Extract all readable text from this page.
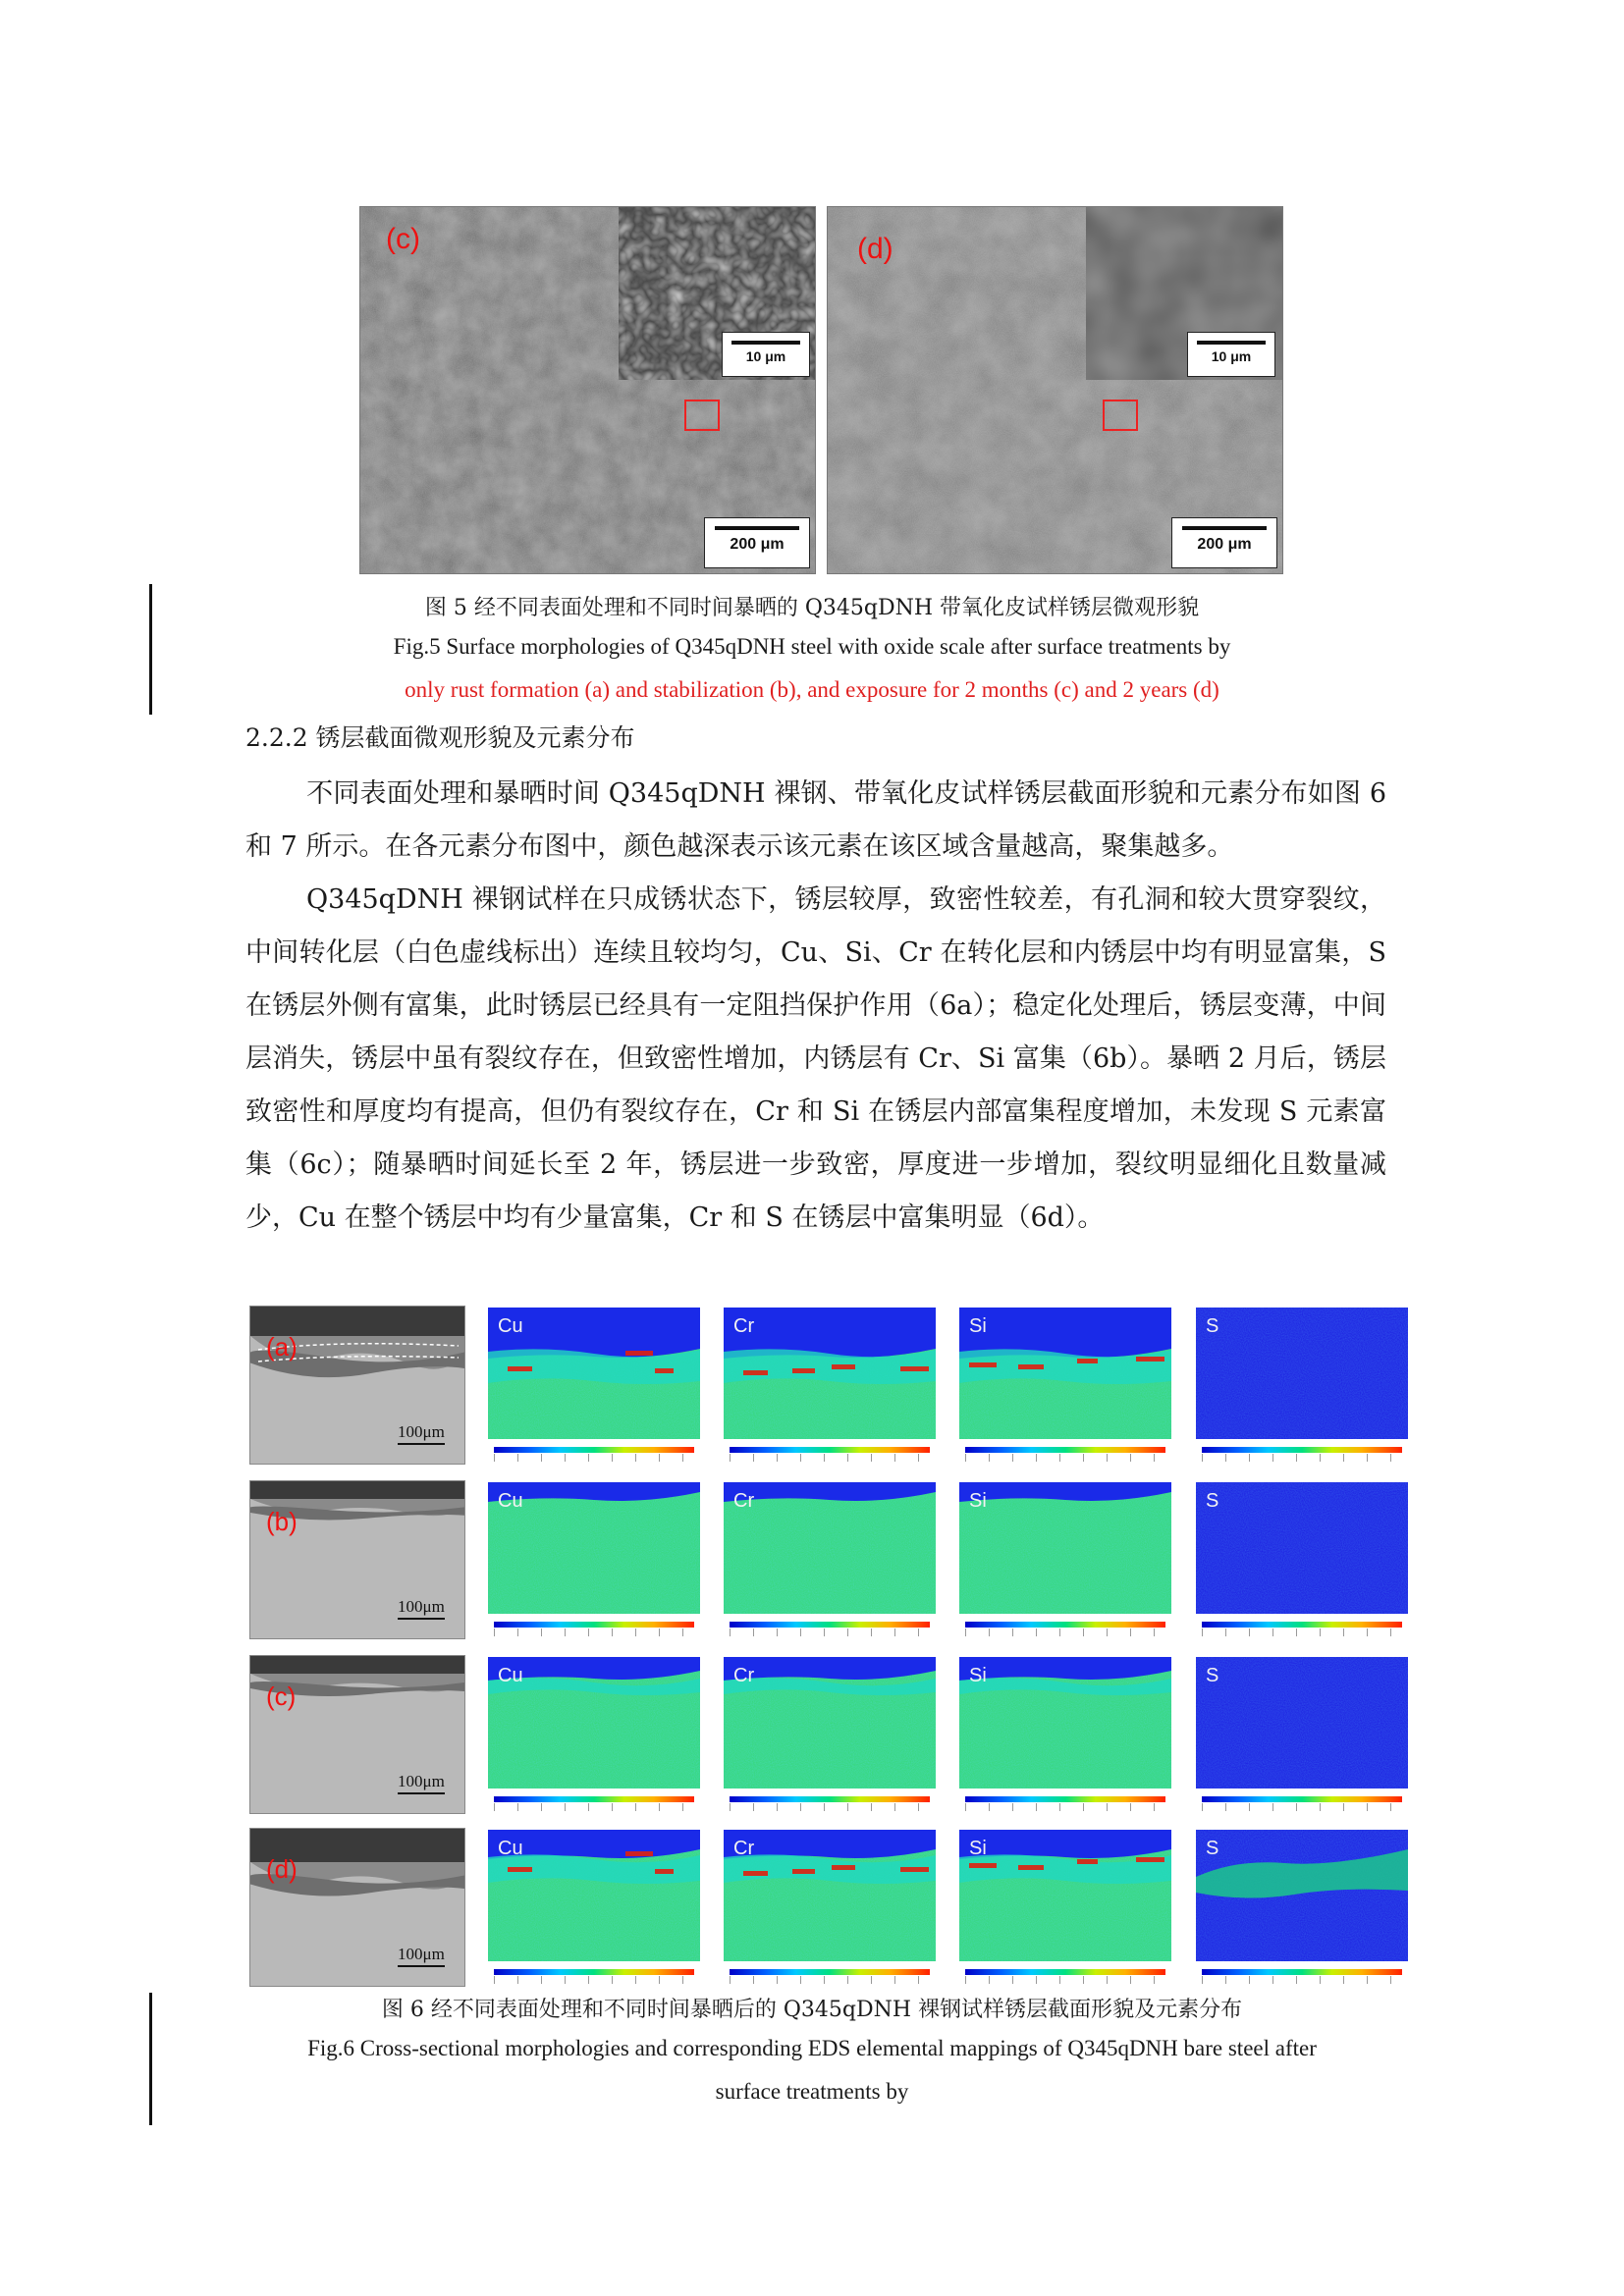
(c)
10 μm
200 μm
(d)
10 μm
200 μm
图 5 经不同表面处理和不同时间暴晒的 Q345qDNH 带氧化皮试样锈层微观形貌
Fig.5 Surface morphologies of Q345qDNH steel with oxide scale after surface treatments by
only rust formation (a) and stabilization (b), and exposure for 2 months (c) and 2 years (d)
2.2.2 锈层截面微观形貌及元素分布
不同表面处理和暴晒时间 Q345qDNH 裸钢、带氧化皮试样锈层截面形貌和元素分布如图 6 和 7 所示。在各元素分布图中，颜色越深表示该元素在该区域含量越高，聚集越多。
Q345qDNH 裸钢试样在只成锈状态下，锈层较厚，致密性较差，有孔洞和较大贯穿裂纹，中间转化层（白色虚线标出）连续且较均匀，Cu、Si、Cr 在转化层和内锈层中均有明显富集，S 在锈层外侧有富集，此时锈层已经具有一定阻挡保护作用（6a）；稳定化处理后，锈层变薄，中间层消失，锈层中虽有裂纹存在，但致密性增加，内锈层有 Cr、Si 富集（6b）。暴晒 2 月后，锈层致密性和厚度均有提高，但仍有裂纹存在，Cr 和 Si 在锈层内部富集程度增加，未发现 S 元素富集（6c）；随暴晒时间延长至 2 年，锈层进一步致密，厚度进一步增加，裂纹明显细化且数量减少，Cu 在整个锈层中均有少量富集，Cr 和 S 在锈层中富集明显（6d）。
(a)
100μm
Cu	Cr	Si	S
(b)
100μm
Cu	Cr	Si	S
(c)
100μm
Cu	Cr	Si	S
(d)
100μm
Cu	Cr	Si	S
图 6 经不同表面处理和不同时间暴晒后的 Q345qDNH 裸钢试样锈层截面形貌及元素分布
Fig.6 Cross-sectional morphologies and corresponding EDS elemental mappings of Q345qDNH bare steel after
surface treatments by
